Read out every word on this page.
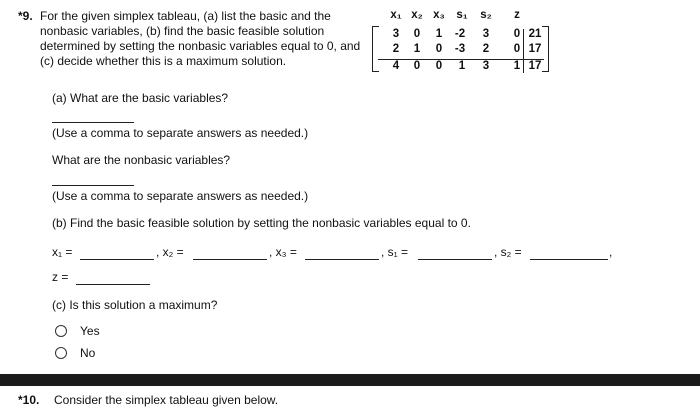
*9. For the given simplex tableau, (a) list the basic and the
nonbasic variables, (b) find the basic feasible solution
determined by setting the nonbasic variables equal to 0, and
(c) decide whether this is a maximum solution.
x₁ x₂ x₃	s₁	s₂	z
3	0	1	-2	3	0 21
2	1	0	-3	2	0 17
4	0	0	1	3	1 17
(a) What are the basic variables?
(Use a comma to separate answers as needed.)
What are the nonbasic variables?
(Use a comma to separate answers as needed.)
(b) Find the basic feasible solution by setting the nonbasic variables equal to 0.
x₁ =	, x₂ =	, x₃ =	, s₁ =	, s₂ =	,
z =
(c) Is this solution a maximum?
Yes
No
*10. Consider the simplex tableau given below.
